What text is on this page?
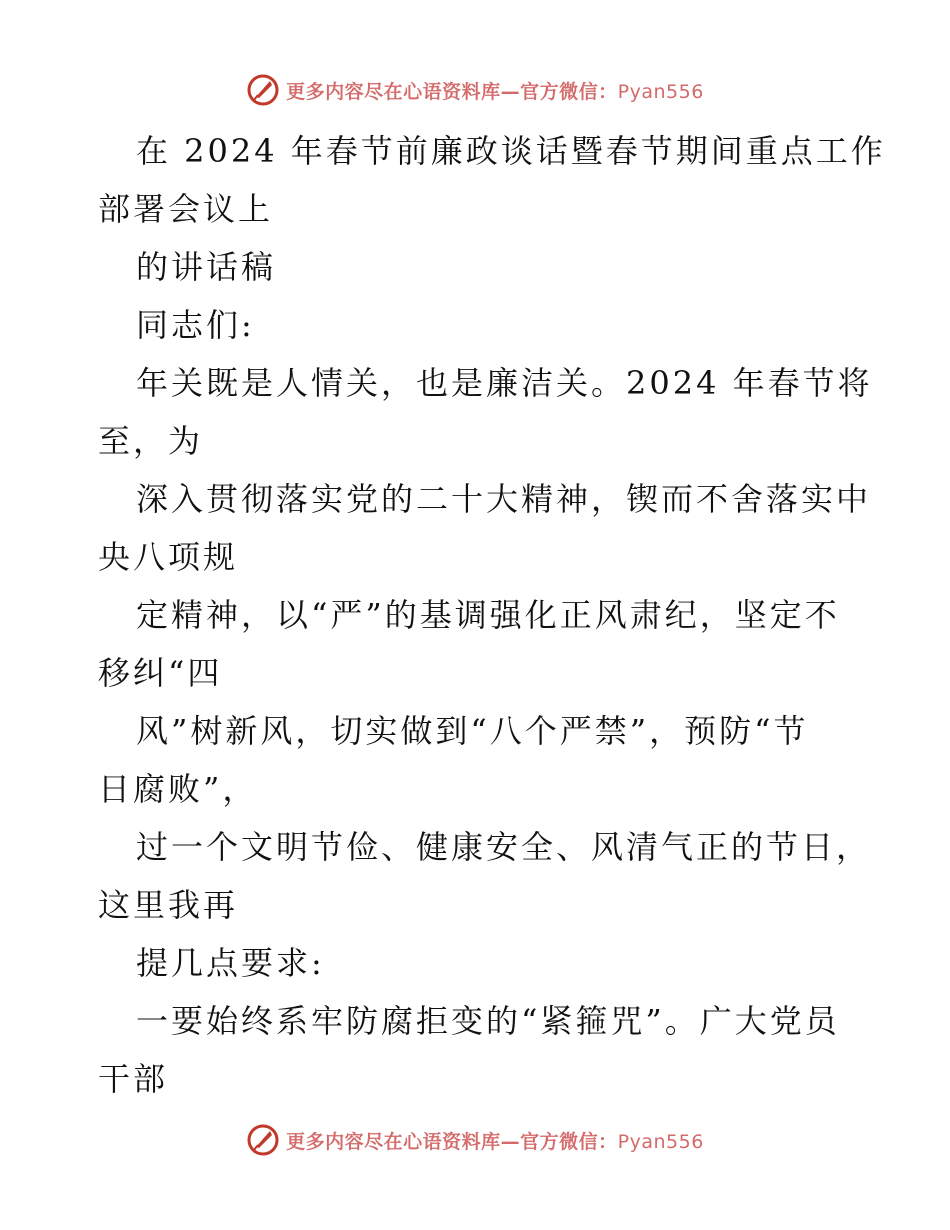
更多内容尽在心语资料库—官方微信：Pyan556
在 2024 年春节前廉政谈话暨春节期间重点工作
部署会议上
的讲话稿
同志们:
年关既是人情关，也是廉洁关。2024 年春节将
至，为
深入贯彻落实党的二十大精神，锲而不舍落实中
央八项规
定精神，以“严”的基调强化正风肃纪，坚定不
移纠“四
风”树新风，切实做到“八个严禁”，预防“节
日腐败”，
过一个文明节俭、健康安全、风清气正的节日，
这里我再
提几点要求:
一要始终系牢防腐拒变的“紧箍咒”。广大党员
干部
更多内容尽在心语资料库—官方微信：Pyan556
